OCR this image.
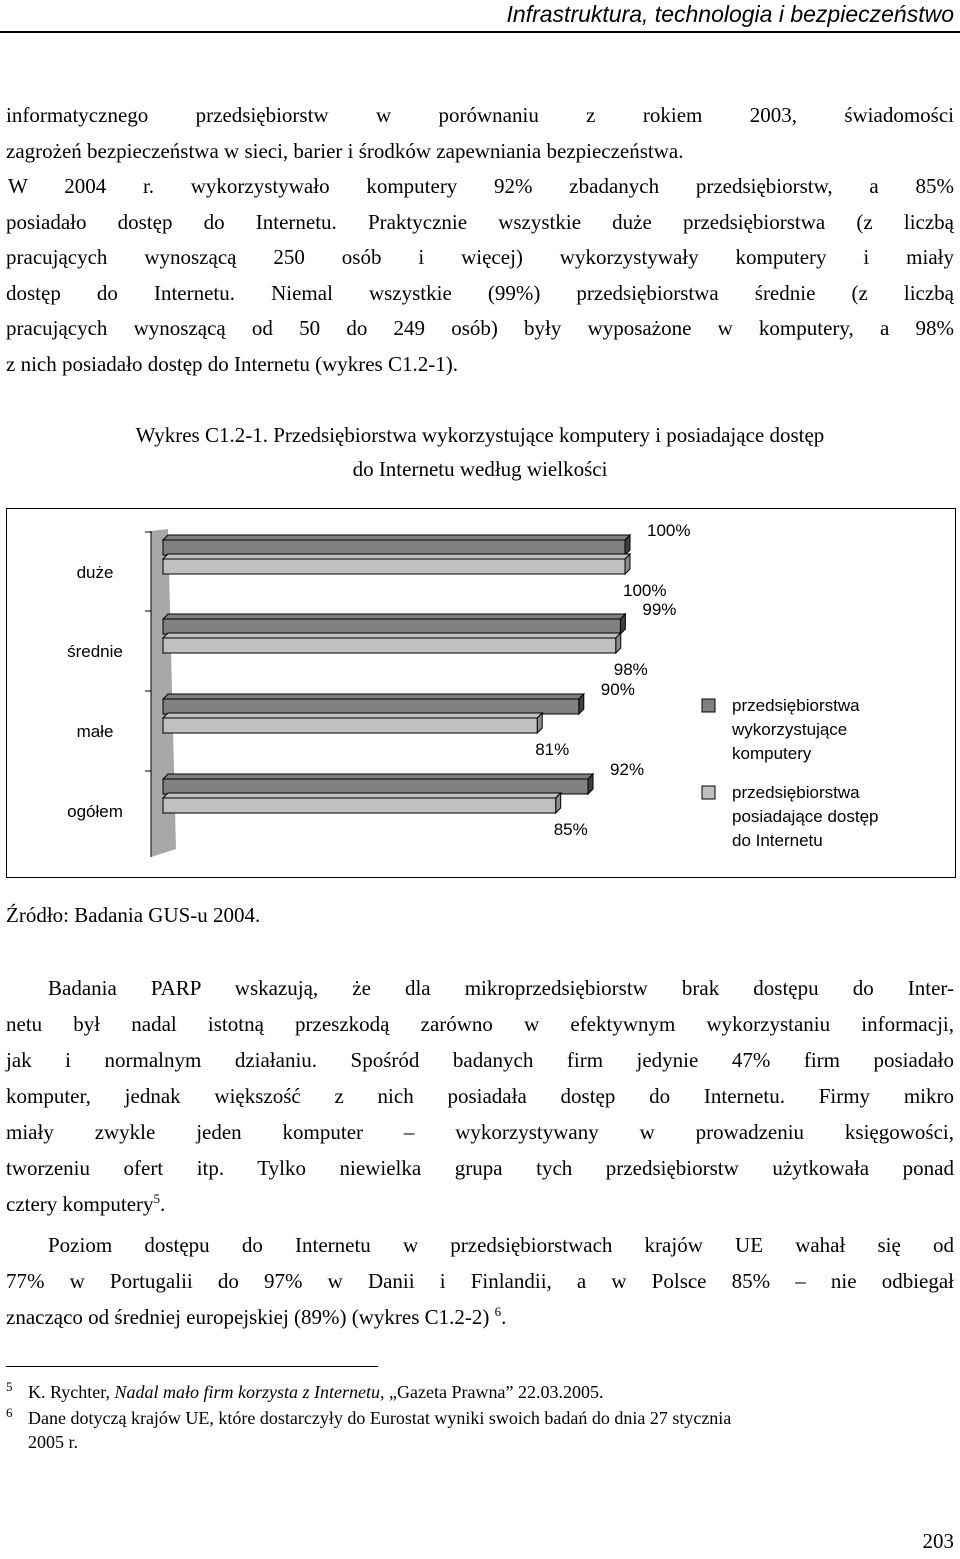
Infrastruktura, technologia i bezpieczeństwo
informatycznego przedsiębiorstw w porównaniu z rokiem 2003, świadomości
zagrożeń bezpieczeństwa w sieci, barier i środków zapewniania bezpieczeństwa.
W 2004 r. wykorzystywało komputery 92% zbadanych przedsiębiorstw, a 85%
posiadało dostęp do Internetu. Praktycznie wszystkie duże przedsiębiorstwa (z liczbą
pracujących wynoszącą 250 osób i więcej) wykorzystywały komputery i miały
dostęp do Internetu. Niemal wszystkie (99%) przedsiębiorstwa średnie (z liczbą
pracujących wynoszącą od 50 do 249 osób) były wyposażone w komputery, a 98%
z nich posiadało dostęp do Internetu (wykres C1.2-1).
Wykres C1.2-1. Przedsiębiorstwa wykorzystujące komputery i posiadające dostęp
do Internetu według wielkości
duże
100%
100%
średnie
99%
98%
małe
90%
81%
ogółem
92%
85%
przedsiębiorstwa
wykorzystujące
komputery
przedsiębiorstwa
posiadające dostęp
do Internetu
Źródło: Badania GUS-u 2004.
Badania PARP wskazują, że dla mikroprzedsiębiorstw brak dostępu do Inter-
netu był nadal istotną przeszkodą zarówno w efektywnym wykorzystaniu informacji,
jak i normalnym działaniu. Spośród badanych firm jedynie 47% firm posiadało
komputer, jednak większość z nich posiadała dostęp do Internetu. Firmy mikro
miały zwykle jeden komputer – wykorzystywany w prowadzeniu księgowości,
tworzeniu ofert itp. Tylko niewielka grupa tych przedsiębiorstw użytkowała ponad
cztery komputery$^5$.
Poziom dostępu do Internetu w przedsiębiorstwach krajów UE wahał się od
77% w Portugalii do 97% w Danii i Finlandii, a w Polsce 85% – nie odbiegał
znacząco od średniej europejskiej (89%) (wykres C1.2-2) $^6$.
5 K. Rychter, Nadal mało firm korzysta z Internetu, „Gazeta Prawna” 22.03.2005.
6 Dane dotyczą krajów UE, które dostarczyły do Eurostat wyniki swoich badań do dnia 27 stycznia
2005 r.
203
